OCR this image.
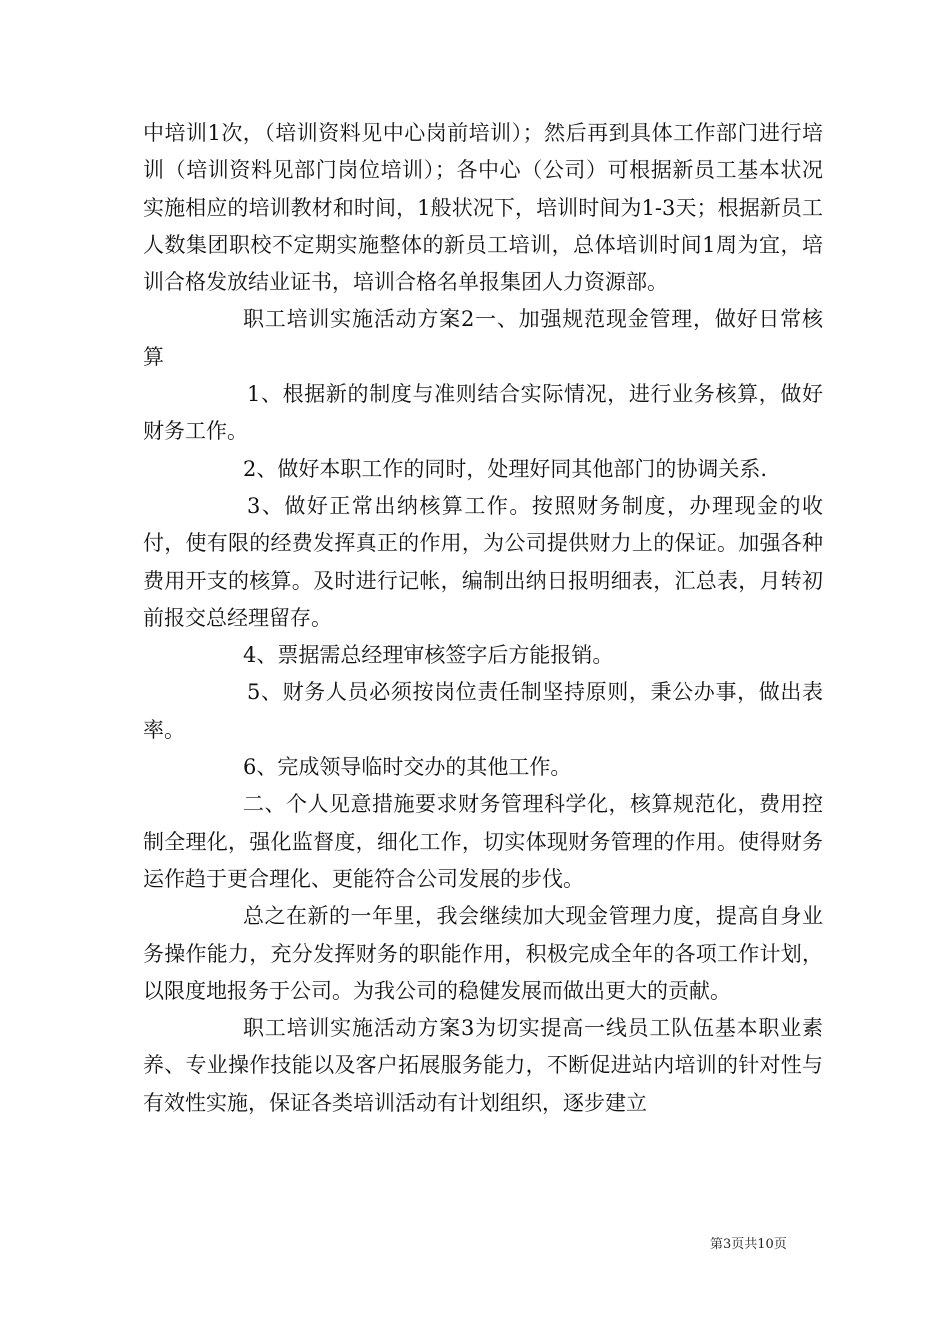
中培训1次，（培训资料见中心岗前培训）；然后再到具体工作部门进行培训（培训资料见部门岗位培训）；各中心（公司）可根据新员工基本状况实施相应的培训教材和时间，1般状况下，培训时间为1-3天；根据新员工人数集团职校不定期实施整体的新员工培训，总体培训时间1周为宜，培训合格发放结业证书，培训合格名单报集团人力资源部。

职工培训实施活动方案2一、加强规范现金管理，做好日常核算

1、根据新的制度与准则结合实际情况，进行业务核算，做好财务工作。

2、做好本职工作的同时，处理好同其他部门的协调关系.

3、做好正常出纳核算工作。按照财务制度，办理现金的收付，使有限的经费发挥真正的作用，为公司提供财力上的保证。加强各种费用开支的核算。及时进行记帐，编制出纳日报明细表，汇总表，月转初前报交总经理留存。

4、票据需总经理审核签字后方能报销。

5、财务人员必须按岗位责任制坚持原则，秉公办事，做出表率。

6、完成领导临时交办的其他工作。

二、个人见意措施要求财务管理科学化，核算规范化，费用控制全理化，强化监督度，细化工作，切实体现财务管理的作用。使得财务运作趋于更合理化、更能符合公司发展的步伐。

总之在新的一年里，我会继续加大现金管理力度，提高自身业务操作能力，充分发挥财务的职能作用，积极完成全年的各项工作计划，以限度地报务于公司。为我公司的稳健发展而做出更大的贡献。

职工培训实施活动方案3为切实提高一线员工队伍基本职业素养、专业操作技能以及客户拓展服务能力，不断促进站内培训的针对性与有效性实施，保证各类培训活动有计划组织，逐步建立

第3页共10页
